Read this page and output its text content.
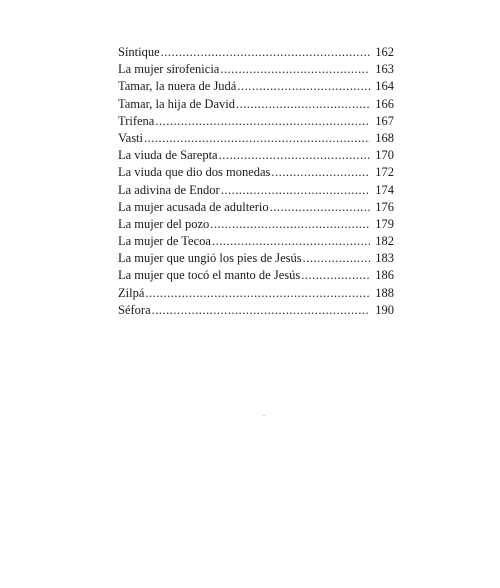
Síntique .....	162
La mujer sirofenicia .....	163
Tamar, la nuera de Judá .....	164
Tamar, la hija de David .....	166
Trifena .....	167
Vasti .....	168
La viuda de Sarepta .....	170
La viuda que dio dos monedas .....	172
La adivina de Endor .....	174
La mujer acusada de adulterio .....	176
La mujer del pozo .....	179
La mujer de Tecoa .....	182
La mujer que ungió los pies de Jesús .....	183
La mujer que tocó el manto de Jesús .....	186
Zilpá .....	188
Séfora .....	190
